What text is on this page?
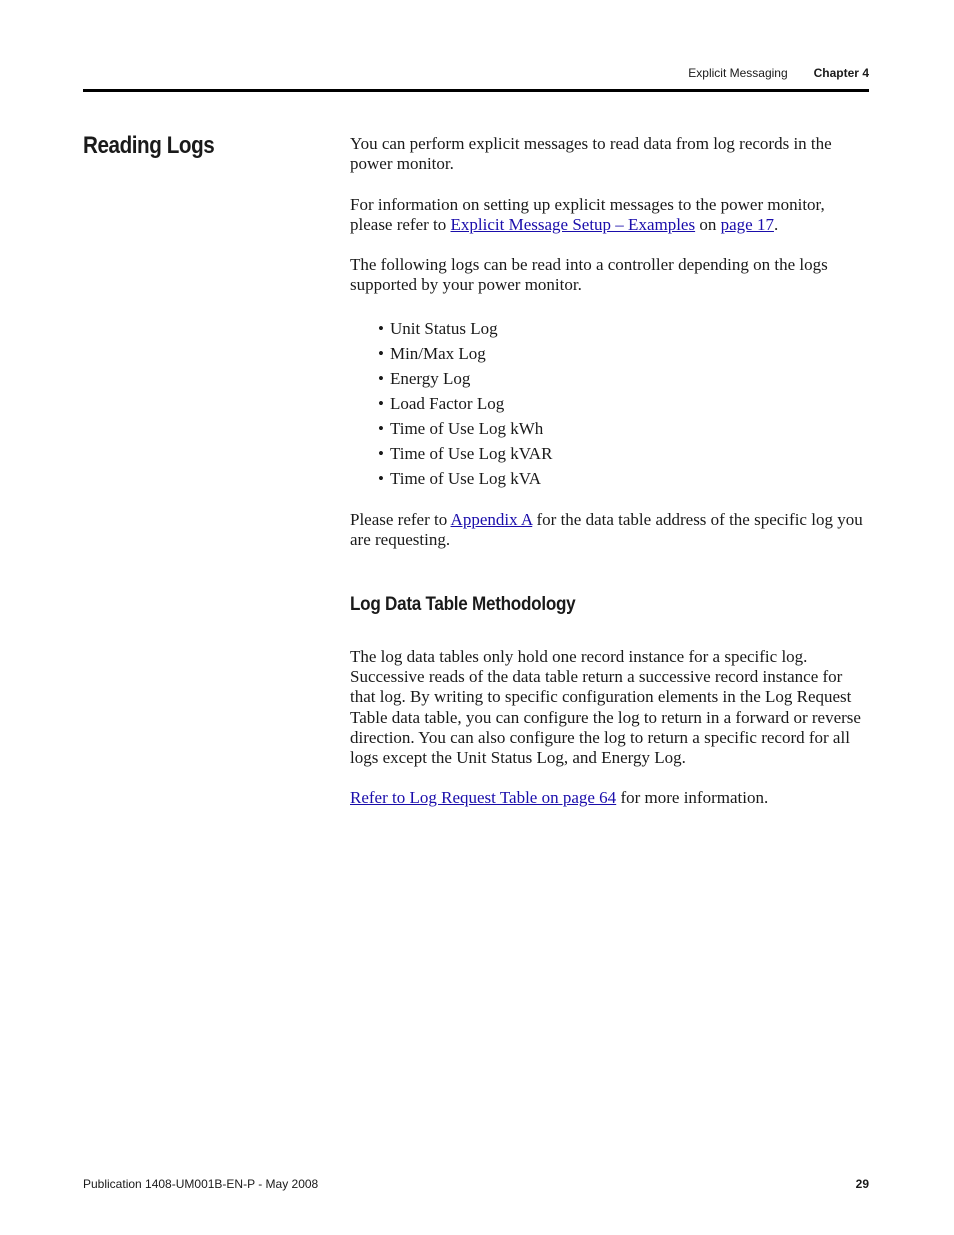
Explicit Messaging Chapter 4
Reading Logs	You can perform explicit messages to read data from log records in the power monitor.

For information on setting up explicit messages to the power monitor, please refer to Explicit Message Setup – Examples on page 17.

The following logs can be read into a controller depending on the logs supported by your power monitor.

• Unit Status Log
• Min/Max Log
• Energy Log
• Load Factor Log
• Time of Use Log kWh
• Time of Use Log kVAR
• Time of Use Log kVA

Please refer to Appendix A for the data table address of the specific log you are requesting.

Log Data Table Methodology

The log data tables only hold one record instance for a specific log. Successive reads of the data table return a successive record instance for that log. By writing to specific configuration elements in the Log Request Table data table, you can configure the log to return in a forward or reverse direction. You can also configure the log to return a specific record for all logs except the Unit Status Log, and Energy Log.

Refer to Log Request Table on page 64 for more information.

Publication 1408-UM001B-EN-P - May 2008	29
